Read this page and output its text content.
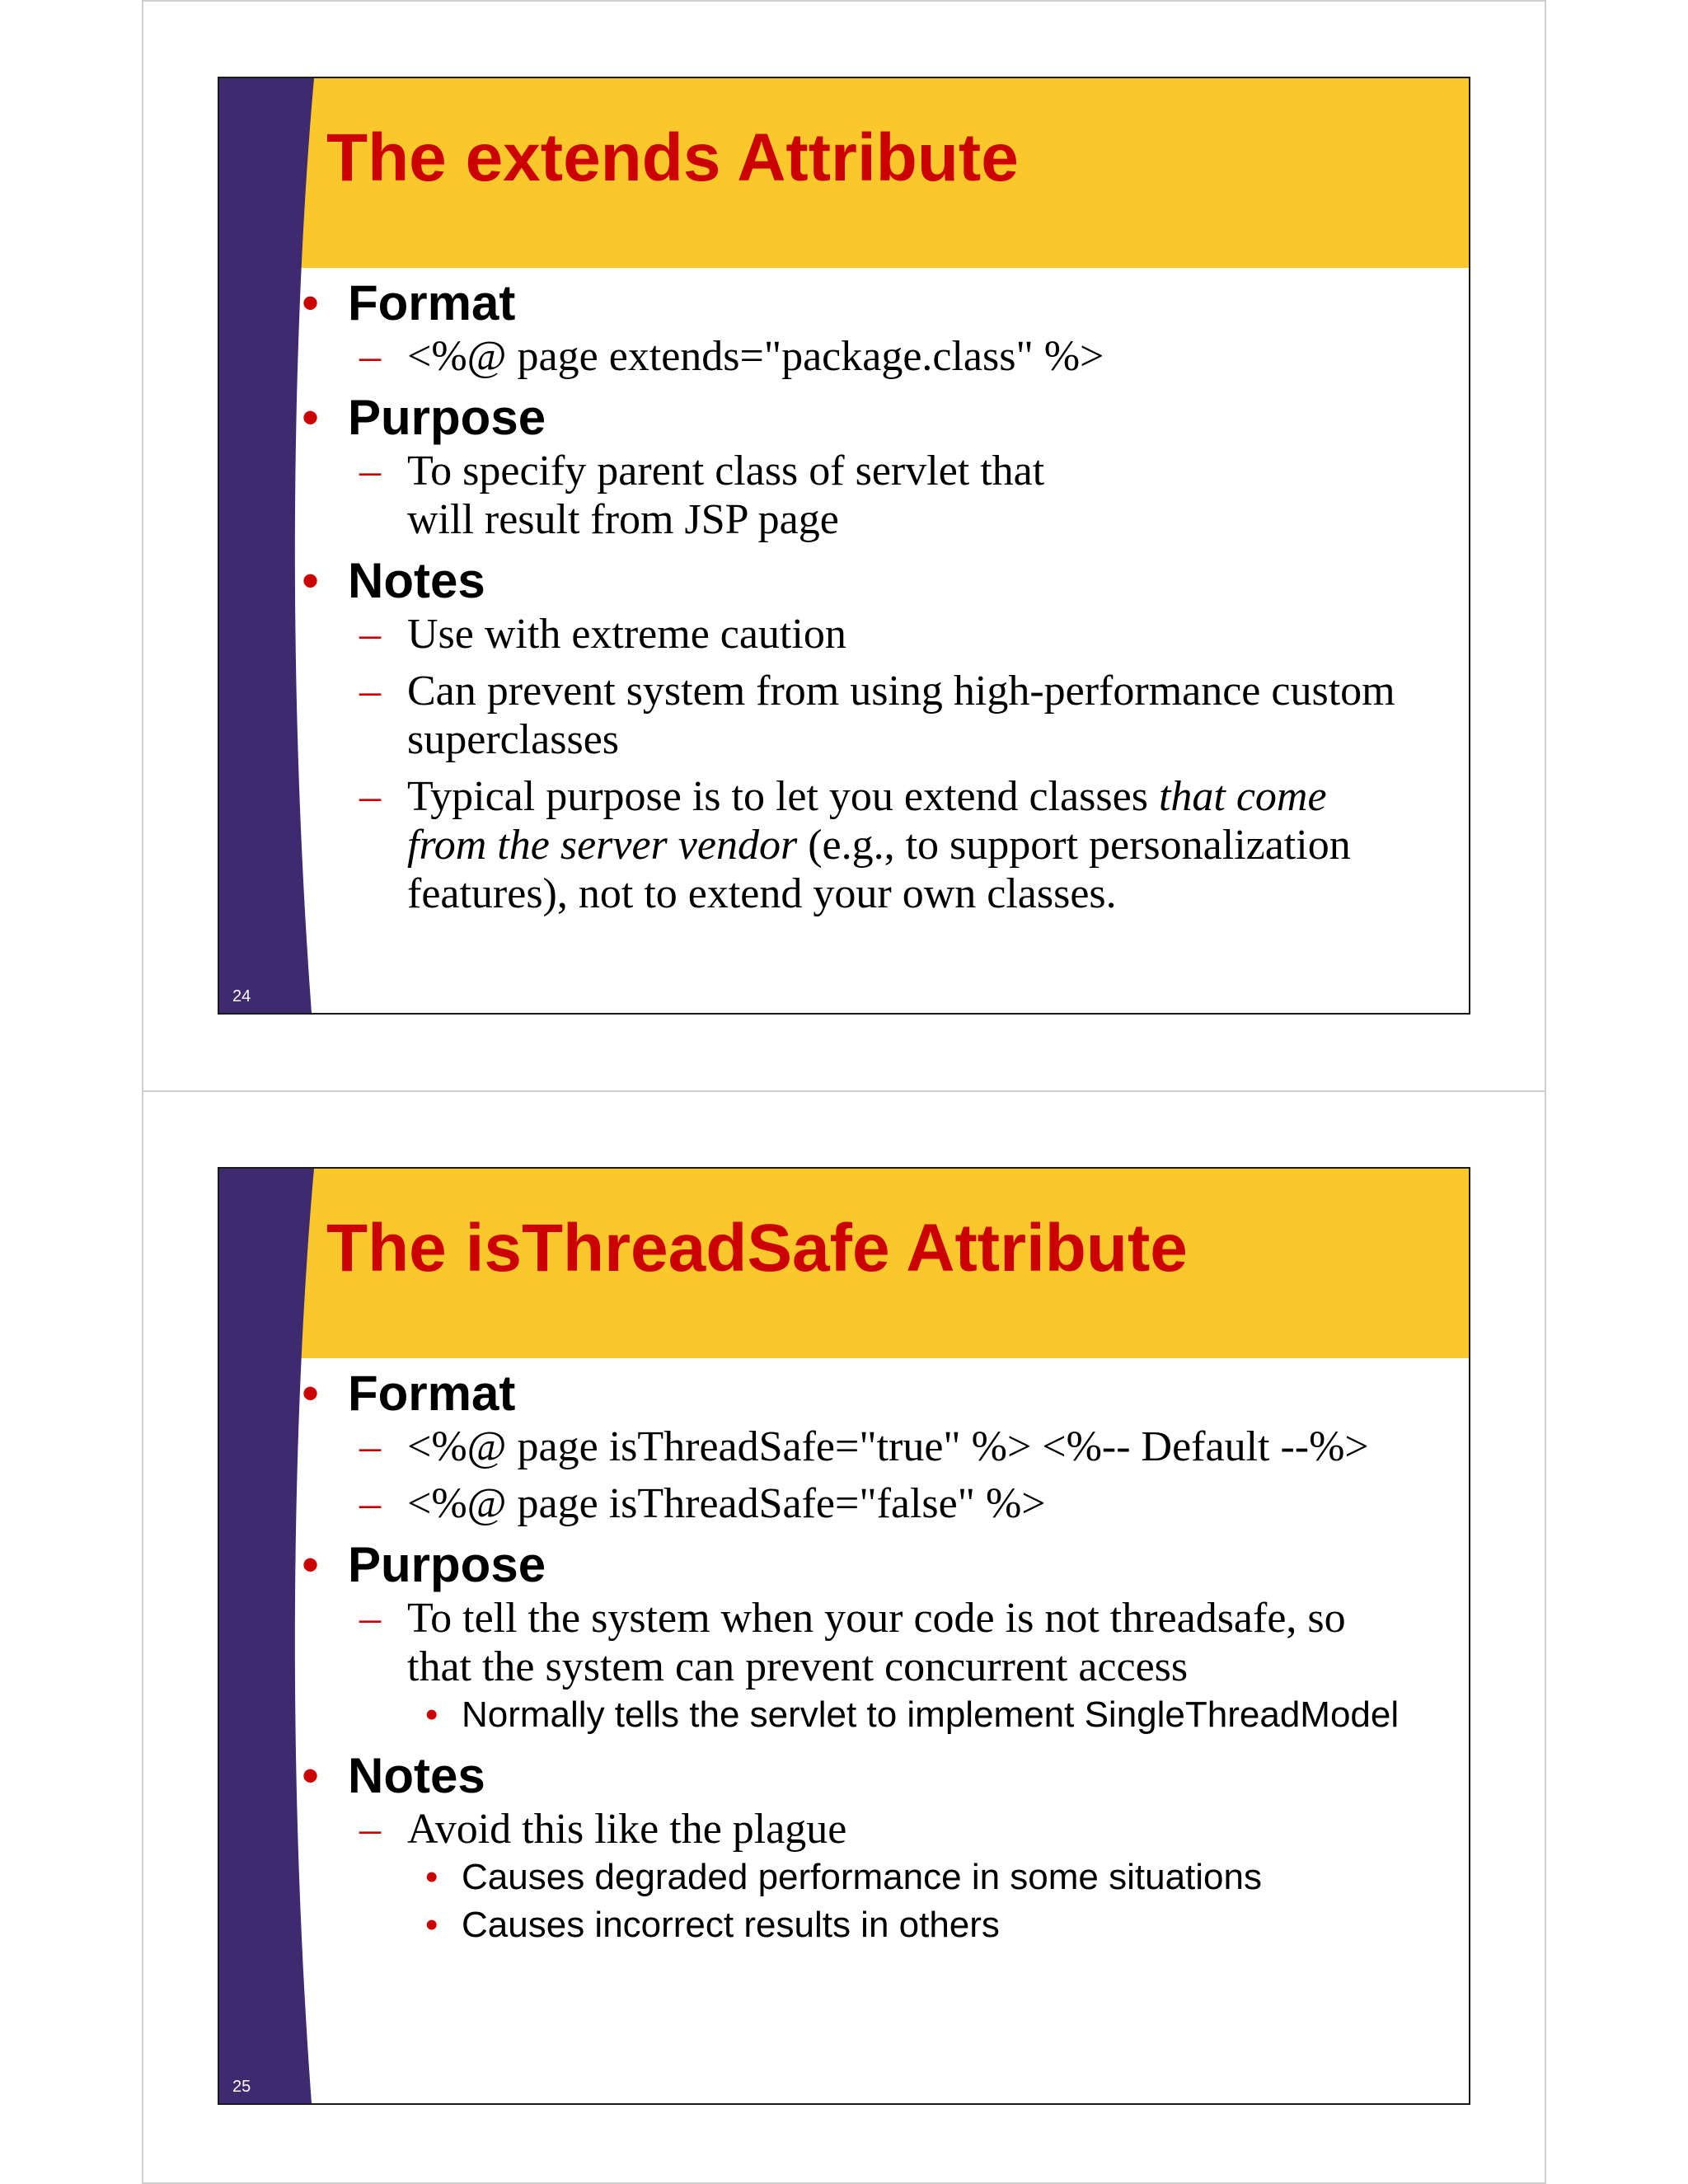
The extends Attribute
• Format
– <%@ page extends="package.class" %>
• Purpose
– To specify parent class of servlet that
will result from JSP page
• Notes
– Use with extreme caution
– Can prevent system from using high-performance custom
superclasses
– Typical purpose is to let you extend classes that come
from the server vendor (e.g., to support personalization
features), not to extend your own classes.
24
The isThreadSafe Attribute
• Format
– <%@ page isThreadSafe="true" %> <%-- Default --%>
– <%@ page isThreadSafe="false" %>
• Purpose
– To tell the system when your code is not threadsafe, so
that the system can prevent concurrent access
• Normally tells the servlet to implement SingleThreadModel
• Notes
– Avoid this like the plague
• Causes degraded performance in some situations
• Causes incorrect results in others
25
